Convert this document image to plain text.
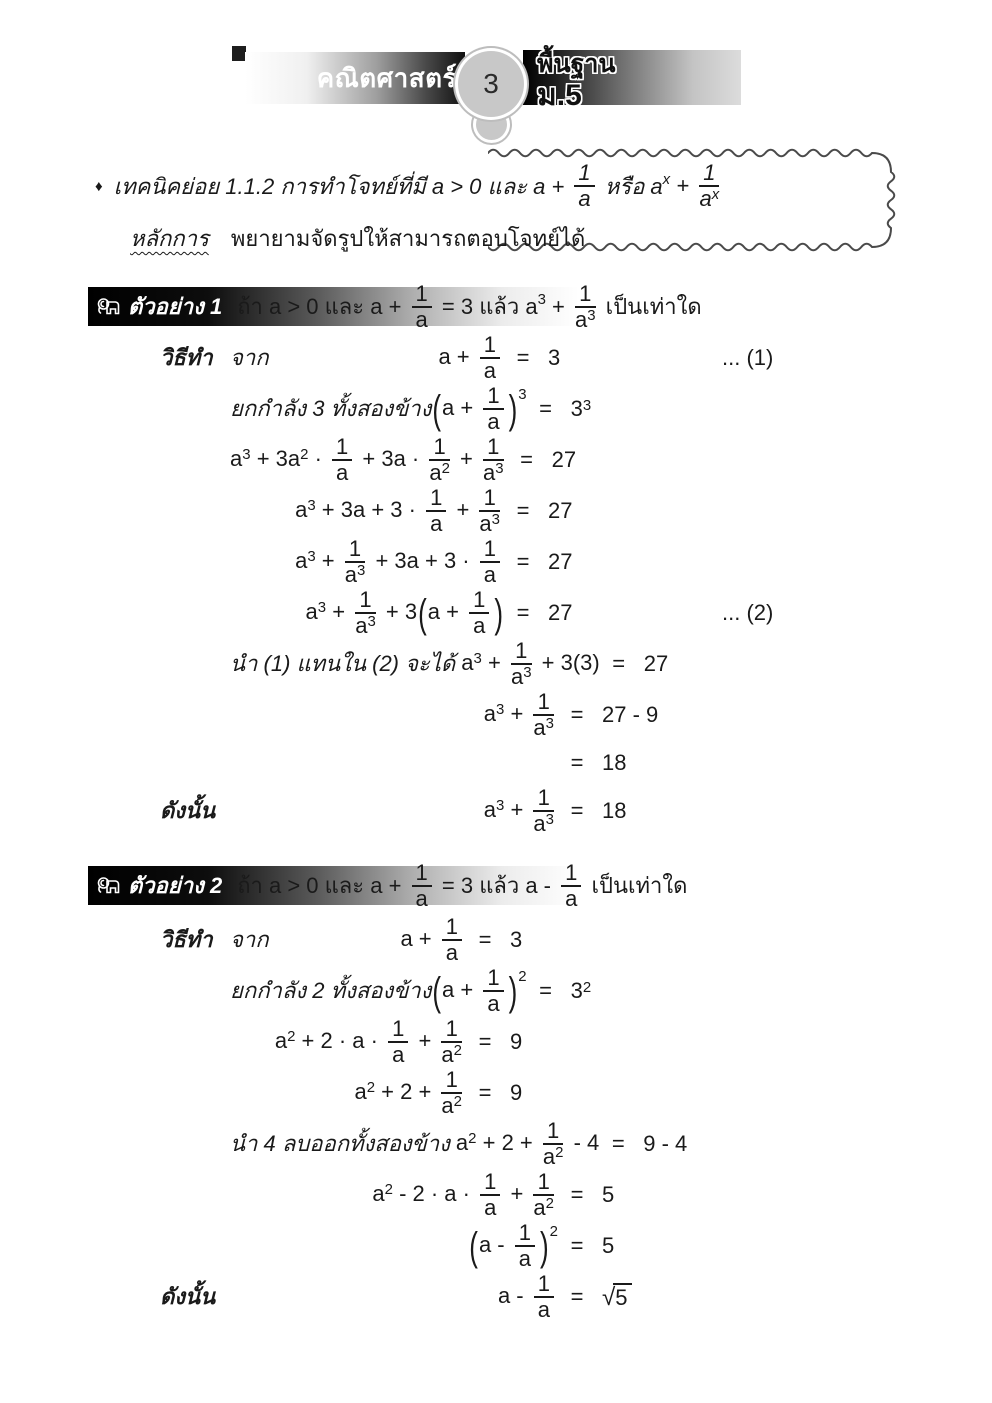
คณิตศาสตร์ 3
พื้นฐาน
ม.5
♦ เทคนิคย่อย 1.1.2 การทำโจทย์ที่มี a > 0 และ $a + \frac{1}{a}$ หรือ a $x + \frac{1}{a^x}$
หลักการ พยายามจัดรูปให้สามารถตอบโจทย์ได้
ตัวอย่าง 1 ถ้า a > 0 และ $a + \frac{1}{a} = 3$ แล้ว a $3 + \frac{1}{a^3}$ เป็นเท่าใด
วิธีทำ จาก	$a + \frac{1}{a} = 3$	... (1)
ยกกำลัง 3 ทั้งสองข้าง $(a + \frac{1}{a} )^3$
= $3^3$
$a^3 + 3a^2 \cdot \frac{1}{a} + 3a \cdot \frac{1}{a^2} + \frac{1}{a^3} = 27$
$a^3 + 3a + 3 \cdot \frac{1}{a} + \frac{1}{a^3} = 27$
$a^3 + \frac{1}{a^3} + 3a + 3 \cdot \frac{1}{a} = 27$
$a^3 + \frac{1}{a^3} + 3(a + \frac{1}{a}$ ) = 27	... (2)
นำ (1) แทนใน (2) จะได้ $a^3 + \frac{1}{a^3} + 3(3) = 27$
$a^3 + \frac{1}{a^3} = 27 - 9$
= 18
ดังนั้น	$a^3 + \frac{1}{a^3} = 18$
ตัวอย่าง 2 ถ้า a > 0 และ $a + \frac{1}{a} = 3$ แล้ว a - $\frac{1}{a}$ เป็นเท่าใด
วิธีทำ จาก	$a + \frac{1}{a} = 3$
ยกกำลัง 2 ทั้งสองข้าง $(a + \frac{1}{a} )^2$
= $3^2$
$a^2 + 2 \cdot a \cdot \frac{1}{a} + \frac{1}{a^2} = 9$
$a^2 + 2 + \frac{1}{a^2} = 9$
นำ 4 ลบออกทั้งสองข้าง $a^2 + 2 + \frac{1}{a^2} - 4 = 9 - 4$
$a^2 - 2 \cdot a \cdot \frac{1}{a} + \frac{1}{a^2} = 5$
$(a - \frac{1}{a} )^2$
= 5
ดังนั้น	$a - \frac{1}{a} = √5$
